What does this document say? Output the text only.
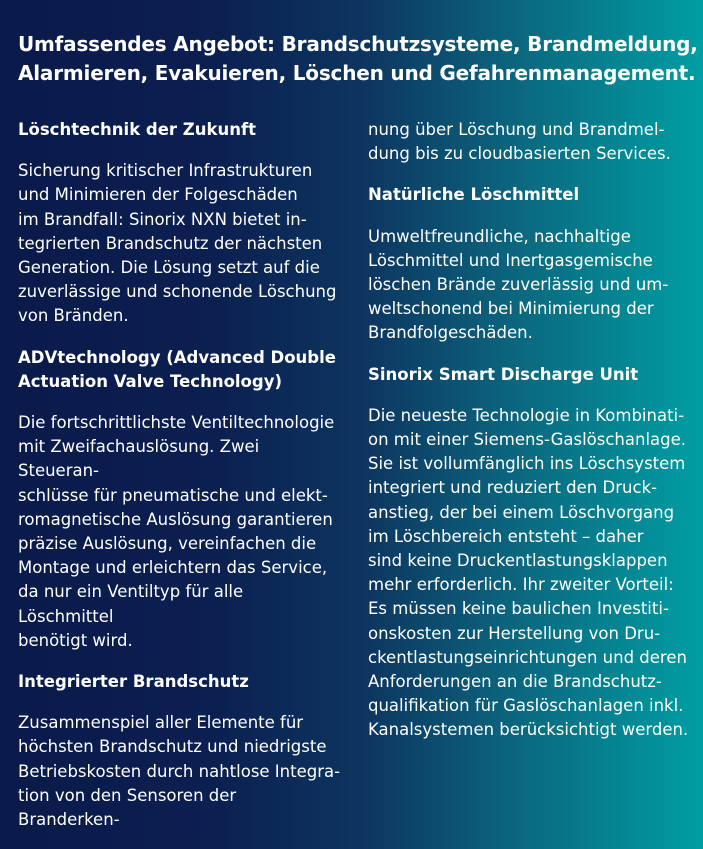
Umfassendes Angebot: Brandschutzsysteme, Brandmeldung,
Alarmieren, Evakuieren, Löschen und Gefahrenmanagement.
Löschtechnik der Zukunft

Sicherung kritischer Infrastrukturen
und Minimieren der Folgeschäden
im Brandfall: Sinorix NXN bietet in-
tegrierten Brandschutz der nächsten
Generation. Die Lösung setzt auf die
zuverlässige und schonende Löschung
von Bränden.

ADVtechnology (Advanced Double
Actuation Valve Technology)

Die fortschrittlichste Ventiltechnologie
mit Zweifachauslösung. Zwei Steueran-
schlüsse für pneumatische und elekt-
romagnetische Auslösung garantieren
präzise Auslösung, vereinfachen die
Montage und erleichtern das Service,
da nur ein Ventiltyp für alle Löschmittel
benötigt wird.

Integrierter Brandschutz

Zusammenspiel aller Elemente für
höchsten Brandschutz und niedrigste
Betriebskosten durch nahtlose Integra-
tion von den Sensoren der Branderken-

nung über Löschung und Brandmel-
dung bis zu cloudbasierten Services.

Natürliche Löschmittel

Umweltfreundliche, nachhaltige
Löschmittel und Inertgasgemische
löschen Brände zuverlässig und um-
weltschonend bei Minimierung der
Brandfolgeschäden.

Sinorix Smart Discharge Unit

Die neueste Technologie in Kombinati-
on mit einer Siemens-Gaslöschanlage.
Sie ist vollumfänglich ins Löschsystem
integriert und reduziert den Druck-
anstieg, der bei einem Löschvorgang
im Löschbereich entsteht – daher
sind keine Druckentlastungsklappen
mehr erforderlich. Ihr zweiter Vorteil:
Es müssen keine baulichen Investiti-
onskosten zur Herstellung von Dru-
ckentlastungseinrichtungen und deren
Anforderungen an die Brandschutz-
qualifikation für Gaslöschanlagen inkl.
Kanalsystemen berücksichtigt werden.
